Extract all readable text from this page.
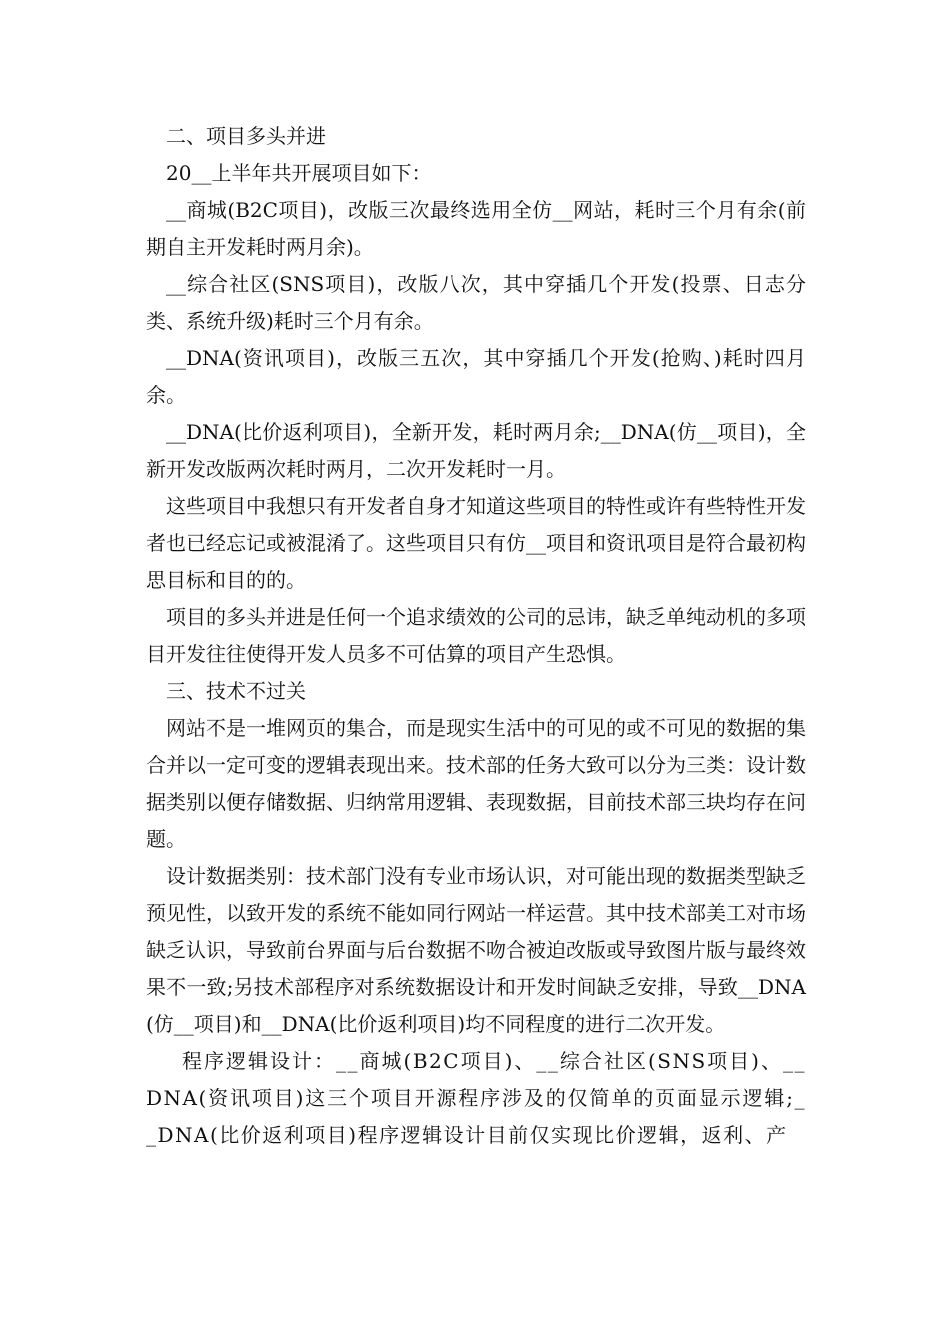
二、项目多头并进

20__上半年共开展项目如下：

__商城(B2C项目)，改版三次最终选用全仿__网站，耗时三个月有余(前期自主开发耗时两月余)。

__综合社区(SNS项目)，改版八次，其中穿插几个开发(投票、日志分类、系统升级)耗时三个月有余。

__DNA(资讯项目)，改版三五次，其中穿插几个开发(抢购、)耗时四月余。

__DNA(比价返利项目)，全新开发，耗时两月余;__DNA(仿__项目)，全新开发改版两次耗时两月，二次开发耗时一月。

这些项目中我想只有开发者自身才知道这些项目的特性或许有些特性开发者也已经忘记或被混淆了。这些项目只有仿__项目和资讯项目是符合最初构思目标和目的的。

项目的多头并进是任何一个追求绩效的公司的忌讳，缺乏单纯动机的多项目开发往往使得开发人员多不可估算的项目产生恐惧。

三、技术不过关

网站不是一堆网页的集合，而是现实生活中的可见的或不可见的数据的集合并以一定可变的逻辑表现出来。技术部的任务大致可以分为三类：设计数据类别以便存储数据、归纳常用逻辑、表现数据，目前技术部三块均存在问题。

设计数据类别：技术部门没有专业市场认识，对可能出现的数据类型缺乏预见性，以致开发的系统不能如同行网站一样运营。其中技术部美工对市场缺乏认识，导致前台界面与后台数据不吻合被迫改版或导致图片版与最终效果不一致;另技术部程序对系统数据设计和开发时间缺乏安排，导致__DNA(仿__项目)和__DNA(比价返利项目)均不同程度的进行二次开发。

程序逻辑设计：__商城(B2C项目)、__综合社区(SNS项目)、__DNA(资讯项目)这三个项目开源程序涉及的仅简单的页面显示逻辑;__DNA(比价返利项目)程序逻辑设计目前仅实现比价逻辑，返利、产
